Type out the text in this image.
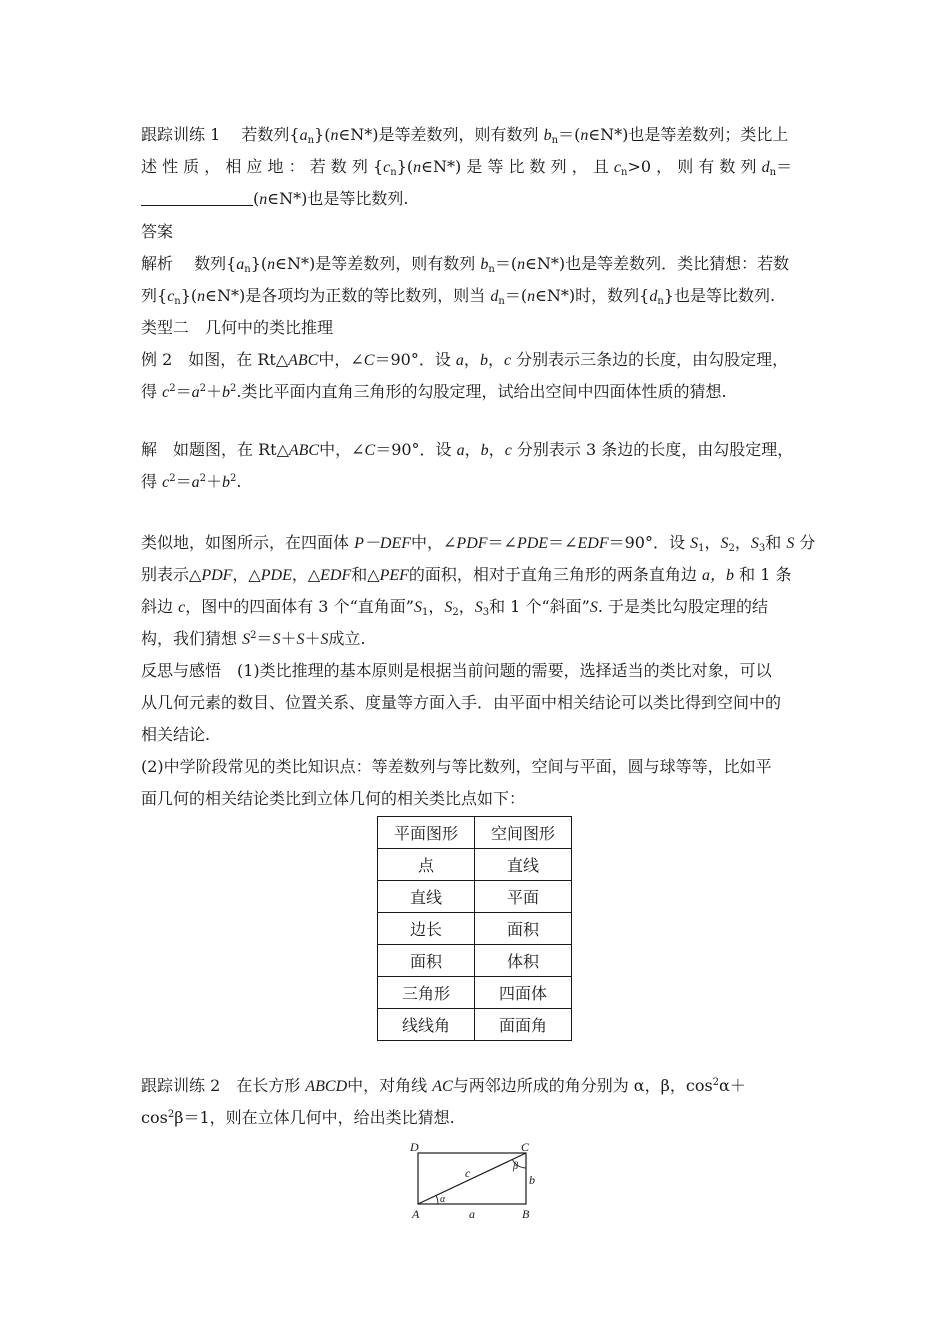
跟踪训练 1　 若数列$\{a_n\}(n\in N*)$是等差数列，则有数列 $b_n=(n\in N*)$也是等差数列；类比上
述 性 质 ， 相 应 地 ： 若 数 列 $\{c_n\}(n\in N*)$ 是 等 比 数 列 ， 且 $c_n>0$ ， 则 有 数 列 $d_n=$
(n∈N*)也是等比数列.
答案
解析　 数列$\{a_n\}(n\in N*)$是等差数列，则有数列 $b_n=(n\in N*)$也是等差数列．类比猜想：若数
列$\{c_n\}(n\in N*)$是各项均为正数的等比数列，则当 $d_n=(n\in N*)$时，数列$\{d_n\}$也是等比数列.
类型二　几何中的类比推理
例 2　如图，在 Rt△ABC中，∠C＝90°．设 a，b，c 分别表示三条边的长度，由勾股定理，
得 $c^2=a^2+b^2$.类比平面内直角三角形的勾股定理，试给出空间中四面体性质的猜想.
解　如题图，在 Rt△ABC中，∠C＝90°．设 a，b，c 分别表示 3 条边的长度，由勾股定理，
得 $c^2=a^2+b^2$.
类似地，如图所示，在四面体 P－DEF中，∠PDF＝∠PDE＝∠EDF＝90°．设 $S_1$，$S_2$，$S_3$和 S 分
别表示△PDF，△PDE，△EDF和△PEF的面积，相对于直角三角形的两条直角边 a，b 和 1 条
斜边 c，图中的四面体有 3 个“直角面$”S_1$，$S_2$，$S_3$和 1 个“斜面”S. 于是类比勾股定理的结
构，我们猜想 $S^2=S+S+S$成立.
反思与感悟　(1)类比推理的基本原则是根据当前问题的需要，选择适当的类比对象，可以
从几何元素的数目、位置关系、度量等方面入手．由平面中相关结论可以类比得到空间中的
相关结论.
(2)中学阶段常见的类比知识点：等差数列与等比数列，空间与平面，圆与球等等，比如平
面几何的相关结论类比到立体几何的相关类比点如下：
平面图形	空间图形
点	直线
直线	平面
边长	面积
面积	体积
三角形	四面体
线线角	面面角
跟踪训练 2　在长方形 ABCD中，对角线 AC与两邻边所成的角分别为 α，β，$\cos^2\alpha+$
$\cos^2\beta=1$，则在立体几何中，给出类比猜想.
D	C
A	B
c	b
a
α
β
